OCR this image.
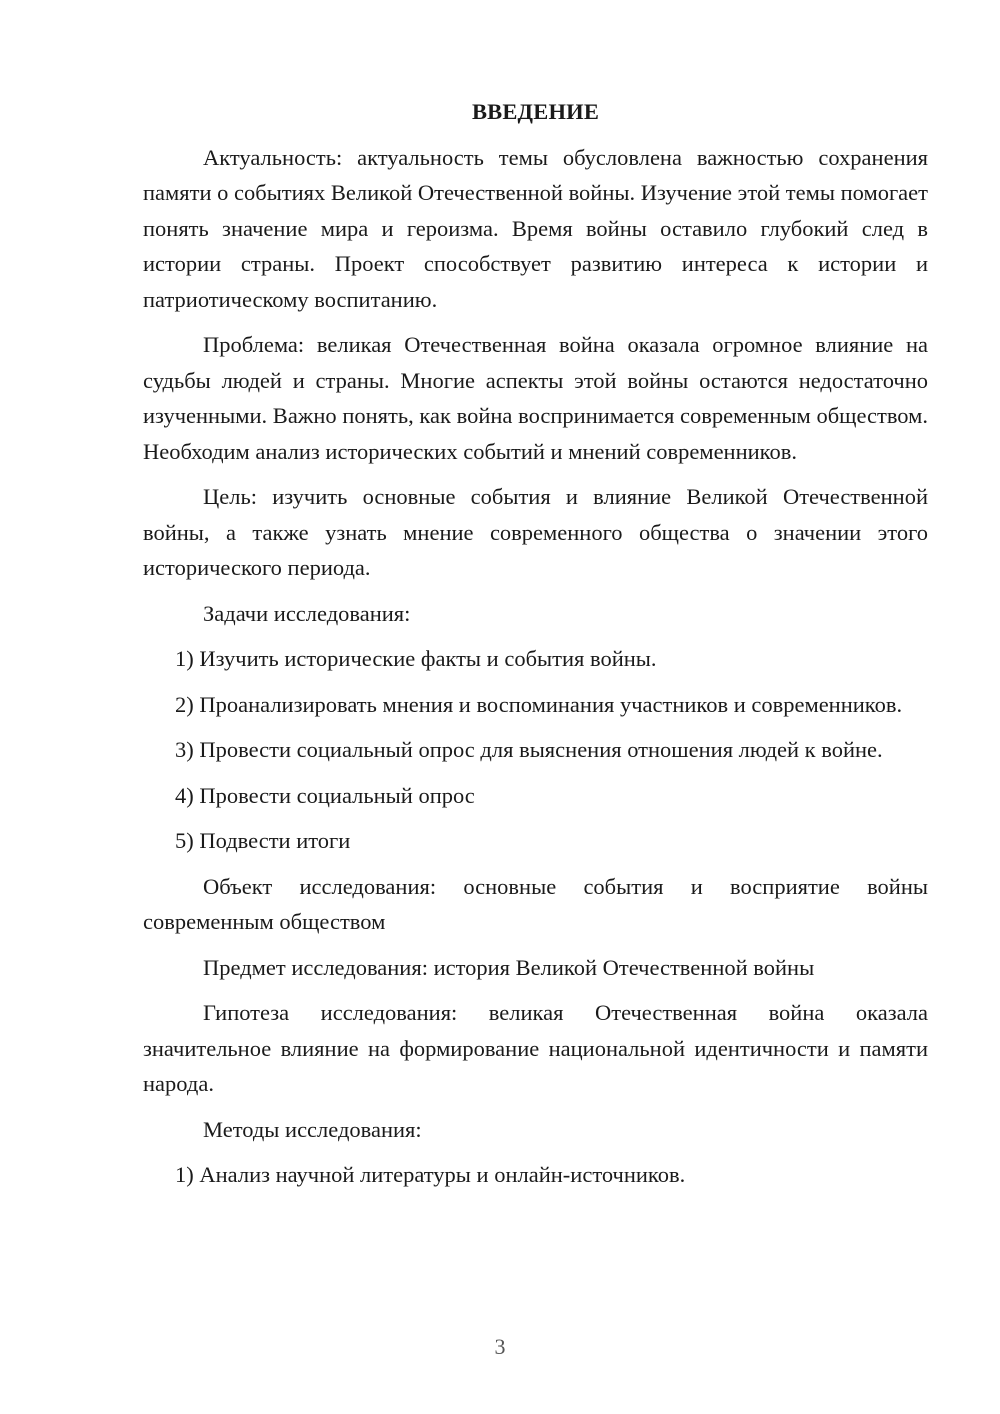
ВВЕДЕНИЕ

Актуальность: актуальность темы обусловлена важностью сохранения памяти о событиях Великой Отечественной войны. Изучение этой темы помогает понять значение мира и героизма. Время войны оставило глубокий след в истории страны. Проект способствует развитию интереса к истории и патриотическому воспитанию.

Проблема: великая Отечественная война оказала огромное влияние на судьбы людей и страны. Многие аспекты этой войны остаются недостаточно изученными. Важно понять, как война воспринимается современным обществом. Необходим анализ исторических событий и мнений современников.

Цель: изучить основные события и влияние Великой Отечественной войны, а также узнать мнение современного общества о значении этого исторического периода.

Задачи исследования:

1) Изучить исторические факты и события войны.

2) Проанализировать мнения и воспоминания участников и современников.

3) Провести социальный опрос для выяснения отношения людей к войне.

4) Провести социальный опрос

5) Подвести итоги

Объект исследования: основные события и восприятие войны современным обществом

Предмет исследования: история Великой Отечественной войны

Гипотеза исследования: великая Отечественная война оказала значительное влияние на формирование национальной идентичности и памяти народа.

Методы исследования:

1) Анализ научной литературы и онлайн-источников.

3
